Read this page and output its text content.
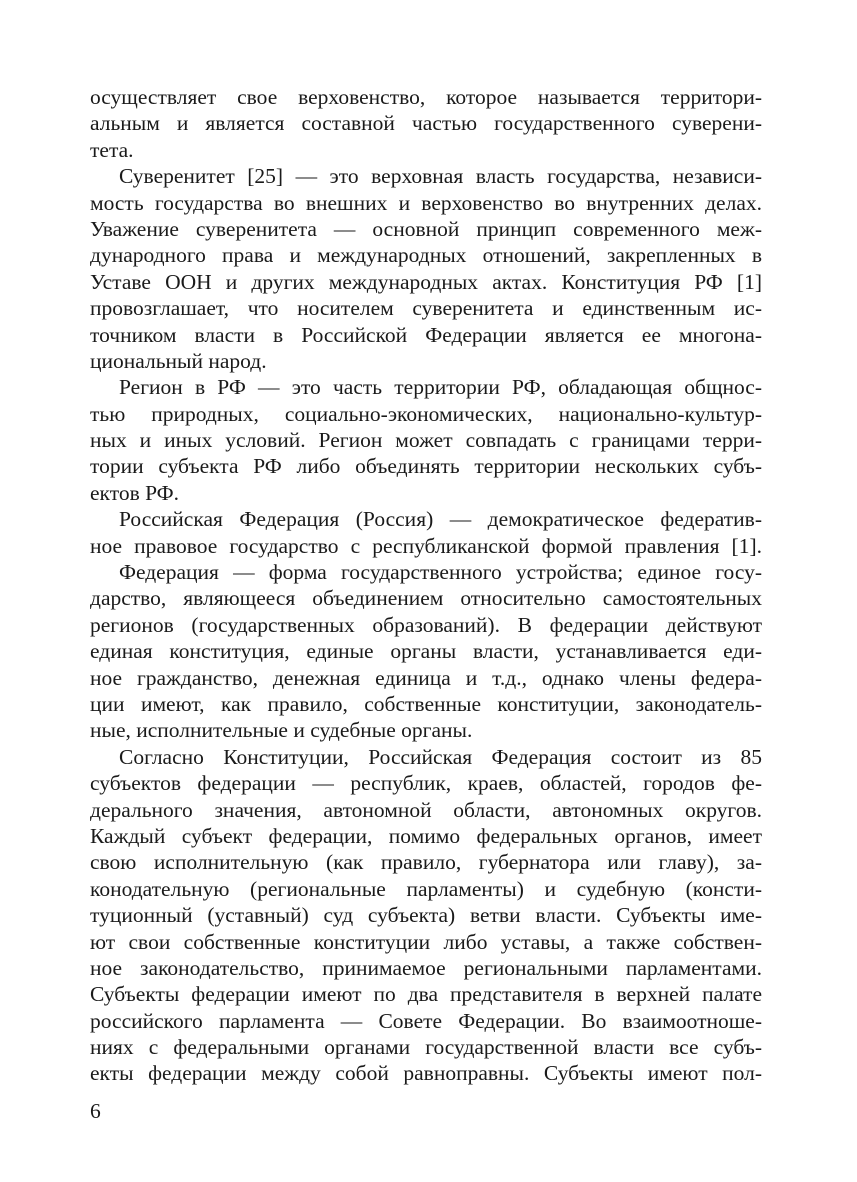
осуществляет свое верховенство, которое называется территори-
альным и является составной частью государственного суверени-
тета.
Суверенитет [25] — это верховная власть государства, независи-
мость государства во внешних и верховенство во внутренних делах.
Уважение суверенитета — основной принцип современного меж-
дународного права и международных отношений, закрепленных в
Уставе ООН и других международных актах. Конституция РФ [1]
провозглашает, что носителем суверенитета и единственным ис-
точником власти в Российской Федерации является ее многона-
циональный народ.
Регион в РФ — это часть территории РФ, обладающая общнос-
тью природных, социально-экономических, национально-культур-
ных и иных условий. Регион может совпадать с границами терри-
тории субъекта РФ либо объединять территории нескольких субъ-
ектов РФ.
Российская Федерация (Россия) — демократическое федератив-
ное правовое государство с республиканской формой правления [1].
Федерация — форма государственного устройства; единое госу-
дарство, являющееся объединением относительно самостоятельных
регионов (государственных образований). В федерации действуют
единая конституция, единые органы власти, устанавливается еди-
ное гражданство, денежная единица и т.д., однако члены федера-
ции имеют, как правило, собственные конституции, законодатель-
ные, исполнительные и судебные органы.
Согласно Конституции, Российская Федерация состоит из 85
субъектов федерации — республик, краев, областей, городов фе-
дерального значения, автономной области, автономных округов.
Каждый субъект федерации, помимо федеральных органов, имеет
свою исполнительную (как правило, губернатора или главу), за-
конодательную (региональные парламенты) и судебную (консти-
туционный (уставный) суд субъекта) ветви власти. Субъекты име-
ют свои собственные конституции либо уставы, а также собствен-
ное законодательство, принимаемое региональными парламентами.
Субъекты федерации имеют по два представителя в верхней палате
российского парламента — Совете Федерации. Во взаимоотноше-
ниях с федеральными органами государственной власти все субъ-
екты федерации между собой равноправны. Субъекты имеют пол-
6
